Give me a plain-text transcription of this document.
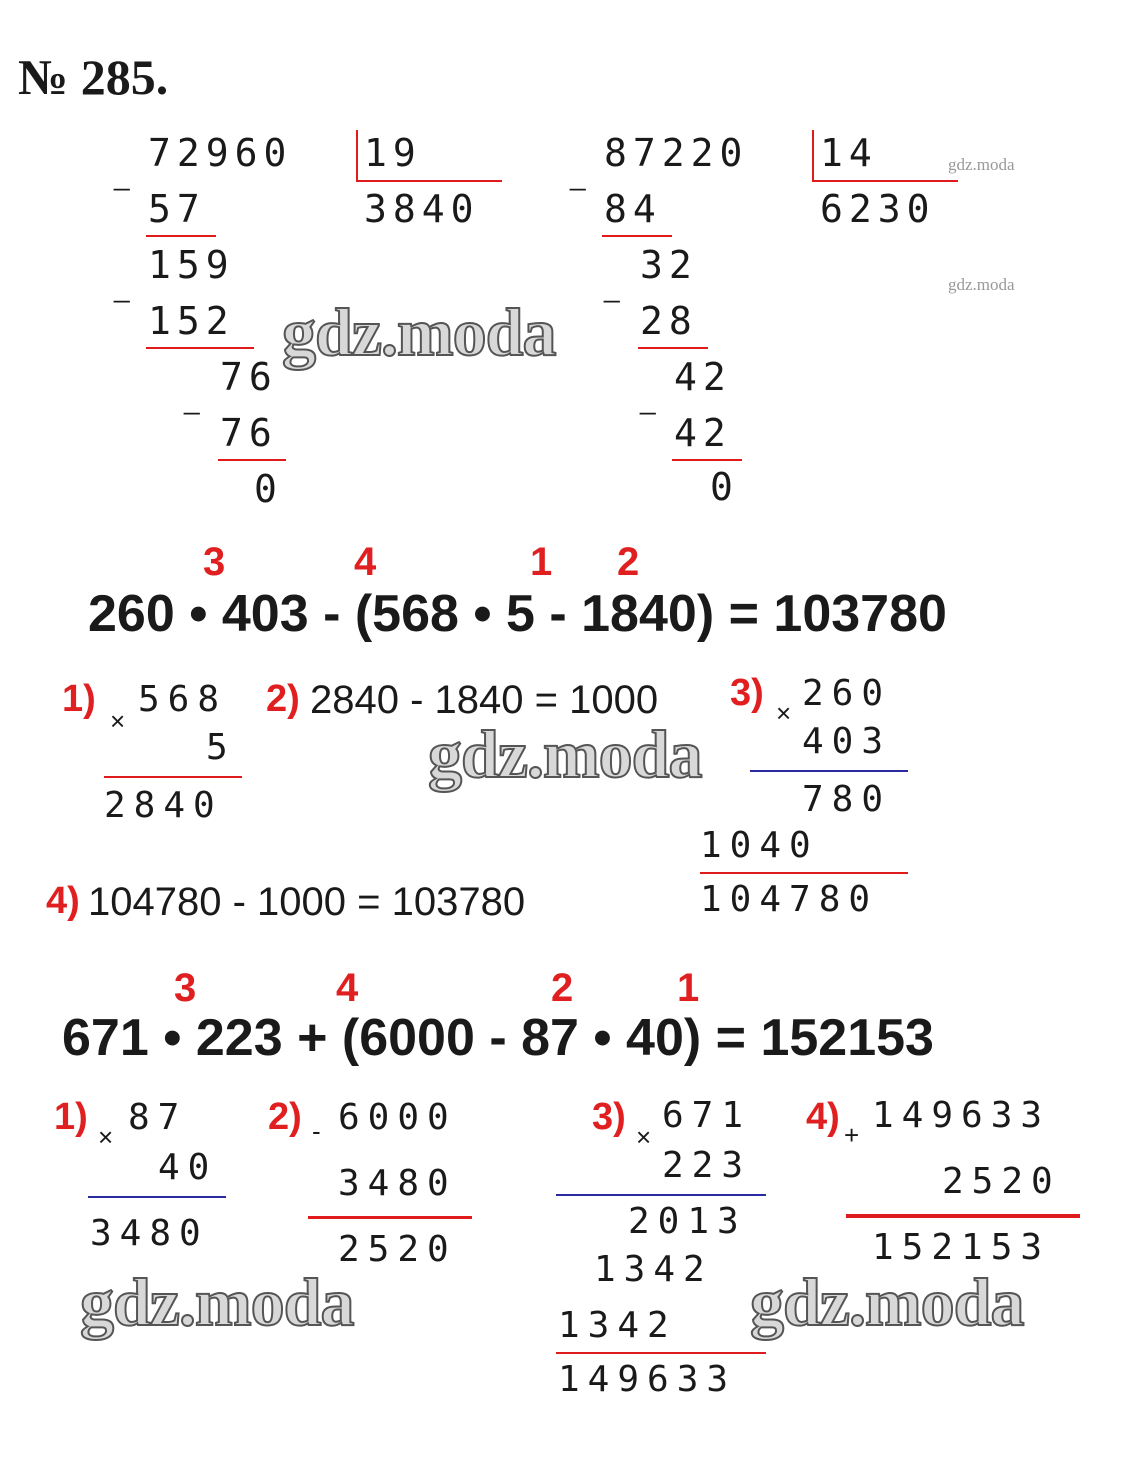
№ 285.
72960 19
3840
_
57
159
_
152
76
_
76
0
87220 14
6230
_
84
32
_
28
42
_
42
0
3	4	1 2
260 • 403 - (568 • 5 - 1840) = 103780
1)
×
568
5
2840
2) 2840 - 1840 = 1000 3) × 260
403
780
1040
104780
4) 104780 - 1000 = 103780
3	4	2	1
671 • 223 + (6000 - 87 • 40) = 152153
1) × 87
40
3480
2) - 6000
3480
2520
3) ×
671
223
2013
1342
1342
149633
4) + 149633
2520
152153
gdz.moda
gdz.moda
gdz.moda	gdz.moda
gdz.moda
gdz.moda
